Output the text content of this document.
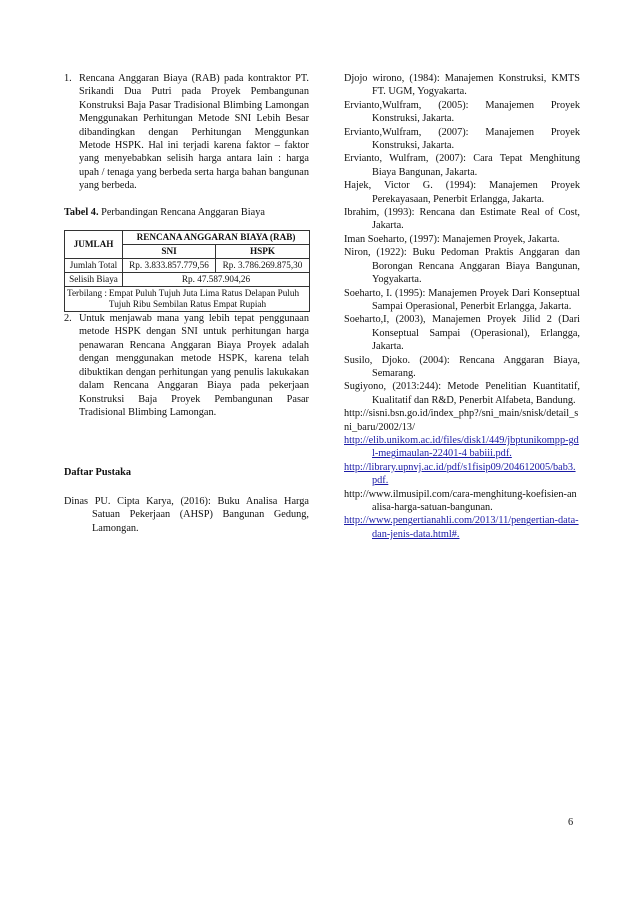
1. Rencana Anggaran Biaya (RAB) pada kontraktor PT. Srikandi Dua Putri pada Proyek Pembangunan Konstruksi Baja Pasar Tradisional Blimbing Lamongan Menggunakan Perhitungan Metode SNI Lebih Besar dibandingkan dengan Perhitungan Menggunkan Metode HSPK. Hal ini terjadi karena faktor – faktor yang menyebabkan selisih harga antara lain : harga upah / tenaga yang berbeda serta harga bahan bangunan yang berbeda.
Tabel 4. Perbandingan Rencana Anggaran Biaya
JUMLAH	RENCANA ANGGARAN BIAYA (RAB)	
	SNI	HSPK
Jumlah Total	Rp. 3.833.857.779,56	Rp. 3.786.269.875,30
Selisih Biaya	Rp. 47.587.904,26	

Terbilang : Empat Puluh Tujuh Juta Lima Ratus Delapan Puluh Tujuh Ribu Sembilan Ratus Empat Rupiah		
2. Untuk menjawab mana yang lebih tepat penggunaan metode HSPK dengan SNI untuk perhitungan harga penawaran Rencana Anggaran Biaya Proyek adalah dengan menggunakan metode HSPK, karena telah dibuktikan dengan perhitungan yang penulis lakukakan dalam Rencana Anggaran Biaya pada pekerjaan Konstruksi Baja Proyek Pembangunan Pasar Tradisional Blimbing Lamongan.
Daftar Pustaka
Dinas PU. Cipta Karya, (2016): Buku Analisa Harga Satuan Pekerjaan (AHSP) Bangunan Gedung, Lamongan.
Djojo wirono, (1984): Manajemen Konstruksi, KMTS FT. UGM, Yogyakarta.
Ervianto,Wulfram, (2005): Manajemen Proyek Konstruksi, Jakarta.
Ervianto,Wulfram, (2007): Manajemen Proyek Konstruksi, Jakarta.
Ervianto, Wulfram, (2007): Cara Tepat Menghitung Biaya Bangunan, Jakarta.
Hajek, Victor G. (1994): Manajemen Proyek Perekayasaan, Penerbit Erlangga, Jakarta.
Ibrahim, (1993): Rencana dan Estimate Real of Cost, Jakarta.
Iman Soeharto, (1997): Manajemen Proyek, Jakarta.
Niron, (1922): Buku Pedoman Praktis Anggaran dan Borongan Rencana Anggaran Biaya Bangunan, Yogyakarta.
Soeharto, I. (1995): Manajemen Proyek Dari Konseptual Sampai Operasional, Penerbit Erlangga, Jakarta.
Soeharto,I, (2003), Manajemen Proyek Jilid 2 (Dari Konseptual Sampai (Operasional), Erlangga, Jakarta.
Susilo, Djoko. (2004): Rencana Anggaran Biaya, Semarang.
Sugiyono, (2013:244): Metode Penelitian Kuantitatif, Kualitatif dan R&D, Penerbit Alfabeta, Bandung.
http://sisni.bsn.go.id/index_php?/sni_main/snisk/detail_sni_baru/2002/13/
http://elib.unikom.ac.id/files/disk1/449/jbptunikompp-gdl-megimaulan-22401-4 babiii.pdf.
http://library.upnvj.ac.id/pdf/s1fisip09/204612005/bab3.pdf.
http://www.ilmusipil.com/cara-menghitung-koefisien-analisa-harga-satuan-bangunan.
http://www.pengertianahli.com/2013/11/pengertian-data-dan-jenis-data.html#.
6
